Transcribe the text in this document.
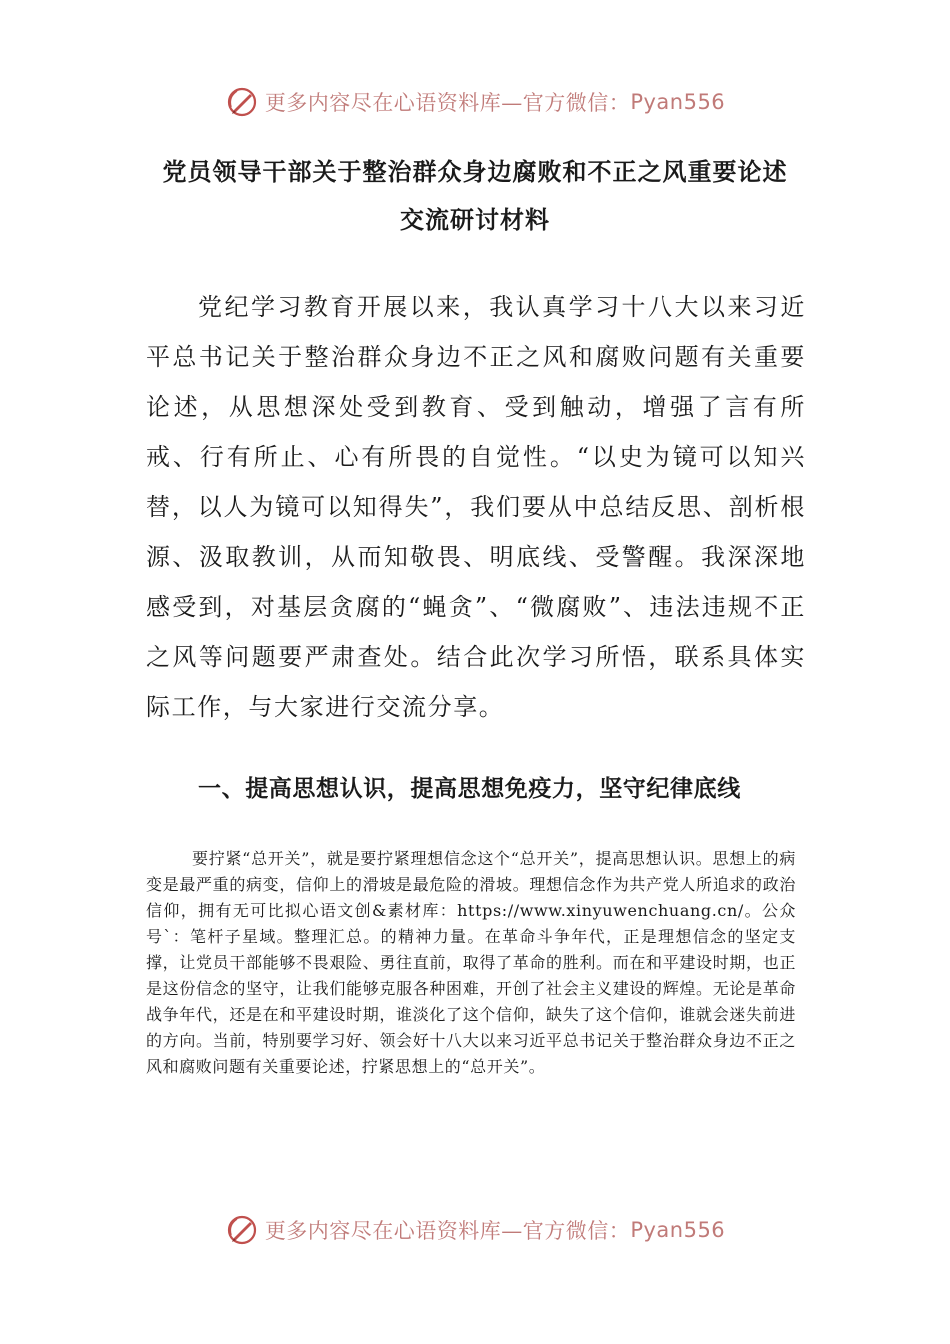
更多内容尽在心语资料库—官方微信： Pyan556
党员领导干部关于整治群众身边腐败和不正之风重要论述
交流研讨材料

党纪学习教育开展以来，我认真学习十八大以来习近平总书记关于整治群众身边不正之风和腐败问题有关重要论述，从思想深处受到教育、受到触动，增强了言有所戒、行有所止、心有所畏的自觉性。“以史为镜可以知兴替，以人为镜可以知得失”，我们要从中总结反思、剖析根源、汲取教训，从而知敬畏、明底线、受警醒。我深深地感受到，对基层贪腐的“蝇贪”、“微腐败”、违法违规不正之风等问题要严肃查处。结合此次学习所悟，联系具体实际工作，与大家进行交流分享。

一、提高思想认识，提高思想免疫力，坚守纪律底线

要拧紧“总开关”，就是要拧紧理想信念这个“总开关”，提高思想认识。思想上的病变是最严重的病变，信仰上的滑坡是最危险的滑坡。理想信念作为共产党人所追求的政治信仰，拥有无可比拟心语文创&素材库：https://www.xinyuwenchuang.cn/。公众号`：笔杆子星域。整理汇总。的精神力量。在革命斗争年代，正是理想信念的坚定支撑，让党员干部能够不畏艰险、勇往直前，取得了革命的胜利。而在和平建设时期，也正是这份信念的坚守，让我们能够克服各种困难，开创了社会主义建设的辉煌。无论是革命战争年代，还是在和平建设时期，谁淡化了这个信仰，缺失了这个信仰，谁就会迷失前进的方向。当前，特别要学习好、领会好十八大以来习近平总书记关于整治群众身边不正之风和腐败问题有关重要论述，拧紧思想上的“总开关”。

更多内容尽在心语资料库—官方微信： Pyan556
